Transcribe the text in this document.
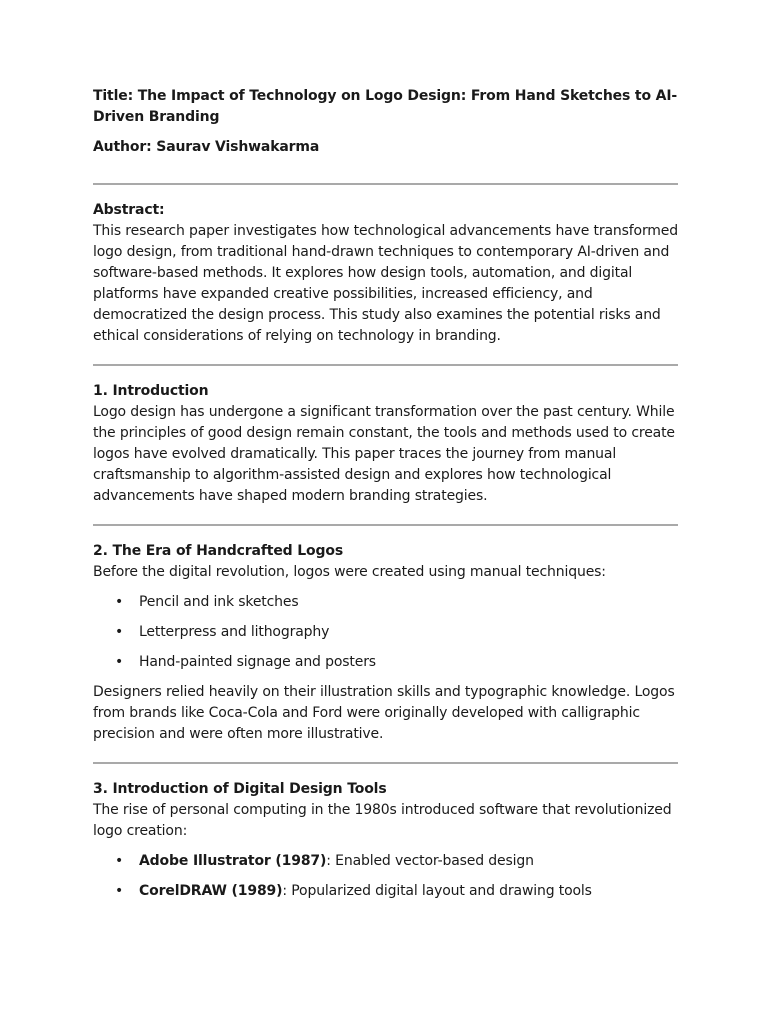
Title: The Impact of Technology on Logo Design: From Hand Sketches to AI-Driven Branding

Author: Saurav Vishwakarma

Abstract:

This research paper investigates how technological advancements have transformed logo design, from traditional hand-drawn techniques to contemporary AI-driven and software-based methods. It explores how design tools, automation, and digital platforms have expanded creative possibilities, increased efficiency, and democratized the design process. This study also examines the potential risks and ethical considerations of relying on technology in branding.

1. Introduction

Logo design has undergone a significant transformation over the past century. While the principles of good design remain constant, the tools and methods used to create logos have evolved dramatically. This paper traces the journey from manual craftsmanship to algorithm-assisted design and explores how technological advancements have shaped modern branding strategies.

2. The Era of Handcrafted Logos

Before the digital revolution, logos were created using manual techniques:

• Pencil and ink sketches
• Letterpress and lithography
• Hand-painted signage and posters

Designers relied heavily on their illustration skills and typographic knowledge. Logos from brands like Coca-Cola and Ford were originally developed with calligraphic precision and were often more illustrative.

3. Introduction of Digital Design Tools

The rise of personal computing in the 1980s introduced software that revolutionized logo creation:

• Adobe Illustrator (1987): Enabled vector-based design
• CorelDRAW (1989): Popularized digital layout and drawing tools
